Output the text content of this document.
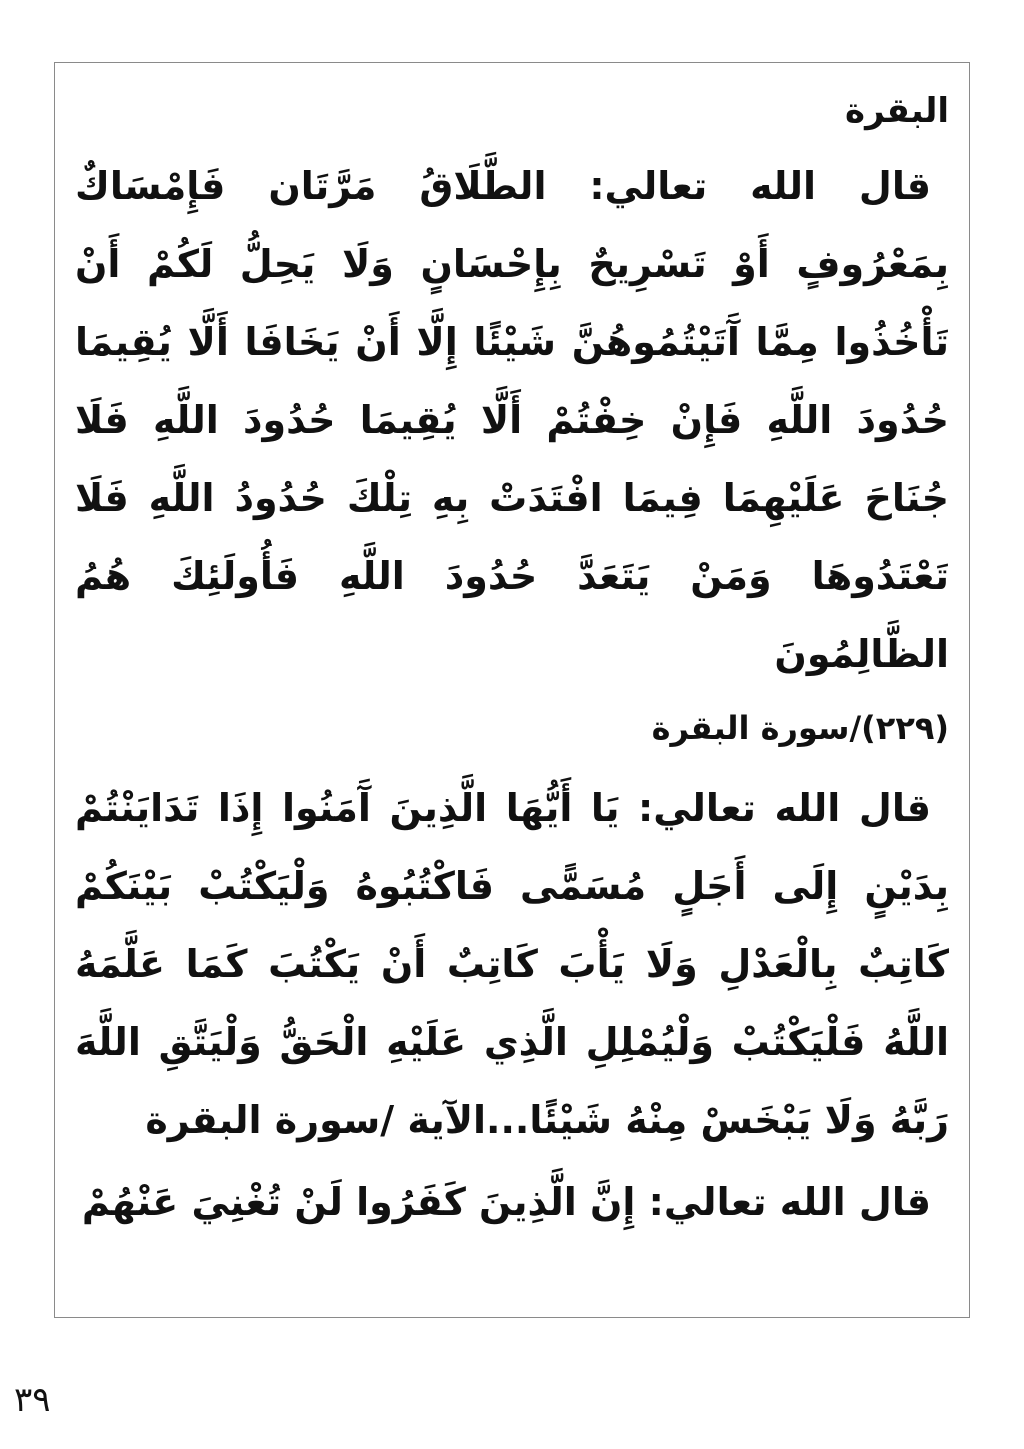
البقرة

قال الله تعالي: الطَّلَاقُ مَرَّتَان فَإِمْسَاكٌ بِمَعْرُوفٍ أَوْ تَسْرِيحٌ بِإِحْسَانٍ وَلَا يَحِلُّ لَكُمْ أَنْ تَأْخُذُوا مِمَّا آَتَيْتُمُوهُنَّ شَيْئًا إِلَّا أَنْ يَخَافَا أَلَّا يُقِيمَا حُدُودَ اللَّهِ فَإِنْ خِفْتُمْ أَلَّا يُقِيمَا حُدُودَ اللَّهِ فَلَا جُنَاحَ عَلَيْهِمَا فِيمَا افْتَدَتْ بِهِ تِلْكَ حُدُودُ اللَّهِ فَلَا تَعْتَدُوهَا وَمَنْ يَتَعَدَّ حُدُودَ اللَّهِ فَأُولَئِكَ هُمُ الظَّالِمُونَ

(٢٢٩)/سورة البقرة

قال الله تعالي: يَا أَيُّهَا الَّذِينَ آَمَنُوا إِذَا تَدَايَنْتُمْ بِدَيْنٍ إِلَى أَجَلٍ مُسَمًّى فَاكْتُبُوهُ وَلْيَكْتُبْ بَيْنَكُمْ كَاتِبٌ بِالْعَدْلِ وَلَا يَأْبَ كَاتِبٌ أَنْ يَكْتُبَ كَمَا عَلَّمَهُ اللَّهُ فَلْيَكْتُبْ وَلْيُمْلِلِ الَّذِي عَلَيْهِ الْحَقُّ وَلْيَتَّقِ اللَّهَ رَبَّهُ وَلَا يَبْخَسْ مِنْهُ شَيْئًا...الآية /سورة البقرة

قال الله تعالي: إِنَّ الَّذِينَ كَفَرُوا لَنْ تُغْنِيَ عَنْهُمْ

٣٩
